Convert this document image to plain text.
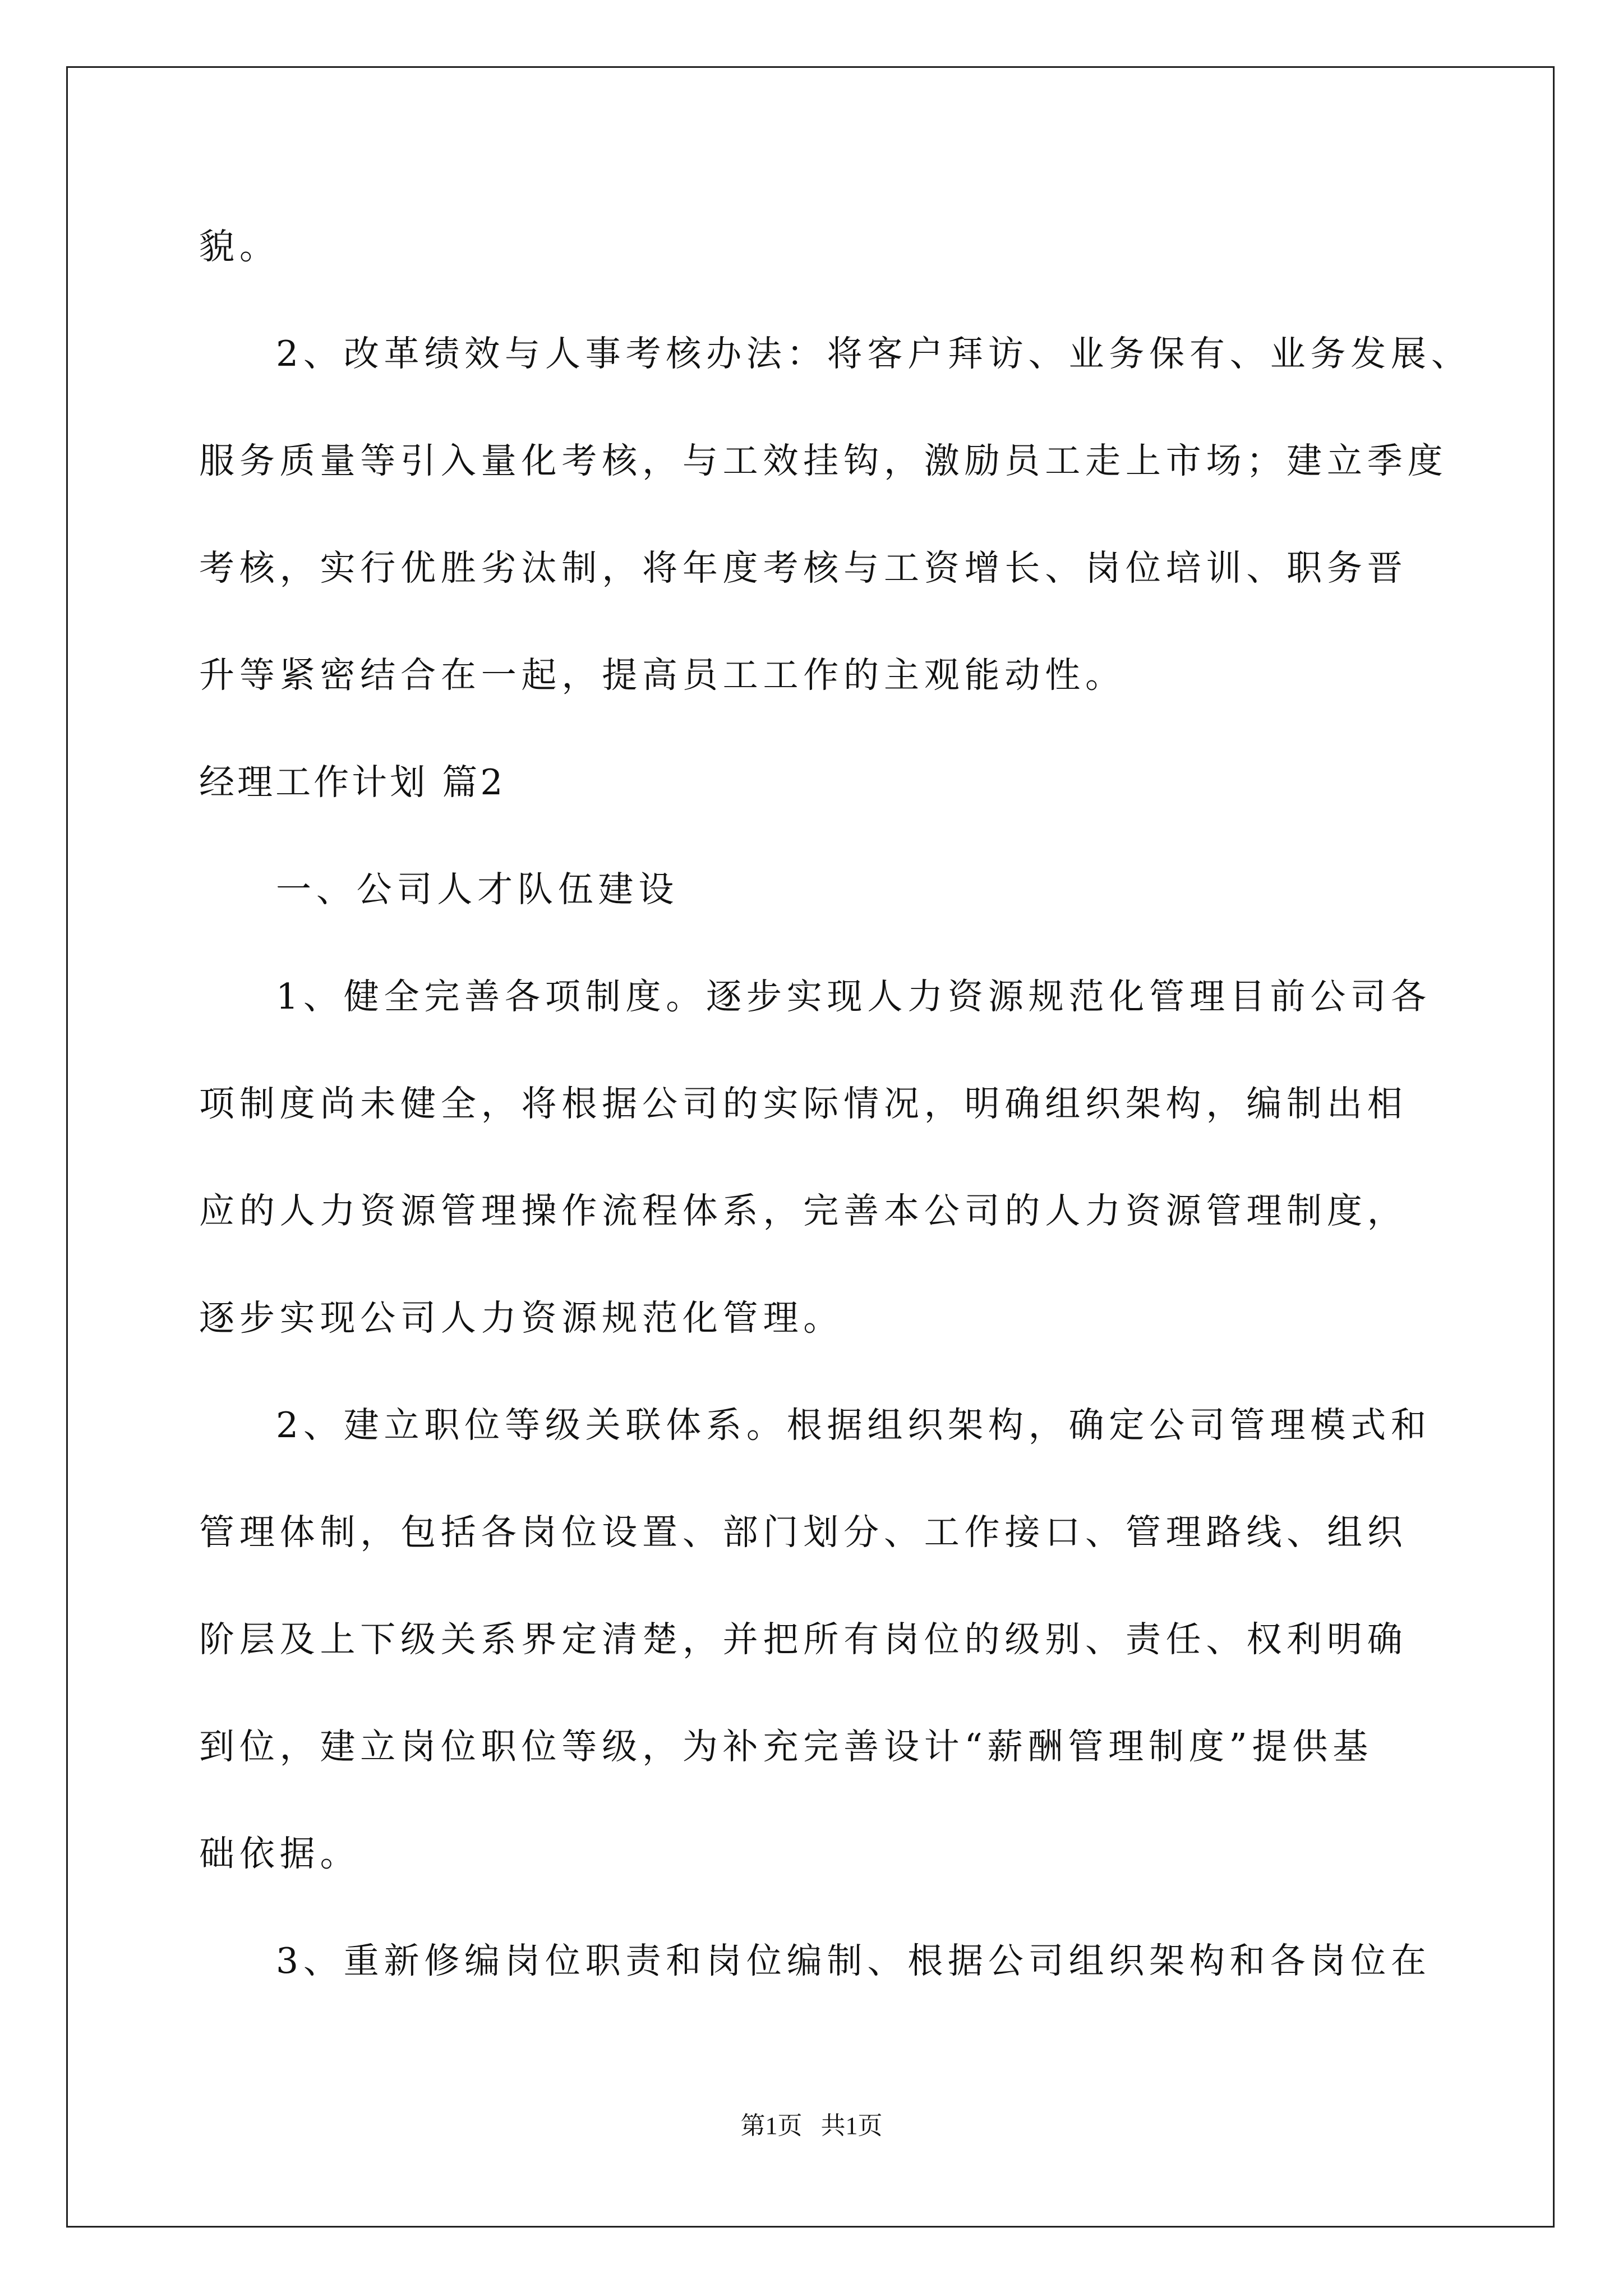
貌。
2、改革绩效与人事考核办法：将客户拜访、业务保有、业务发展、
服务质量等引入量化考核，与工效挂钩，激励员工走上市场；建立季度
考核，实行优胜劣汰制，将年度考核与工资增长、岗位培训、职务晋
升等紧密结合在一起，提高员工工作的主观能动性。
经理工作计划 篇2
一、公司人才队伍建设
1、健全完善各项制度。逐步实现人力资源规范化管理目前公司各
项制度尚未健全，将根据公司的实际情况，明确组织架构，编制出相
应的人力资源管理操作流程体系，完善本公司的人力资源管理制度，
逐步实现公司人力资源规范化管理。
2、建立职位等级关联体系。根据组织架构，确定公司管理模式和
管理体制，包括各岗位设置、部门划分、工作接口、管理路线、组织
阶层及上下级关系界定清楚，并把所有岗位的级别、责任、权利明确
到位，建立岗位职位等级，为补充完善设计“薪酬管理制度”提供基
础依据。
3、重新修编岗位职责和岗位编制、根据公司组织架构和各岗位在
第1页   共1页
